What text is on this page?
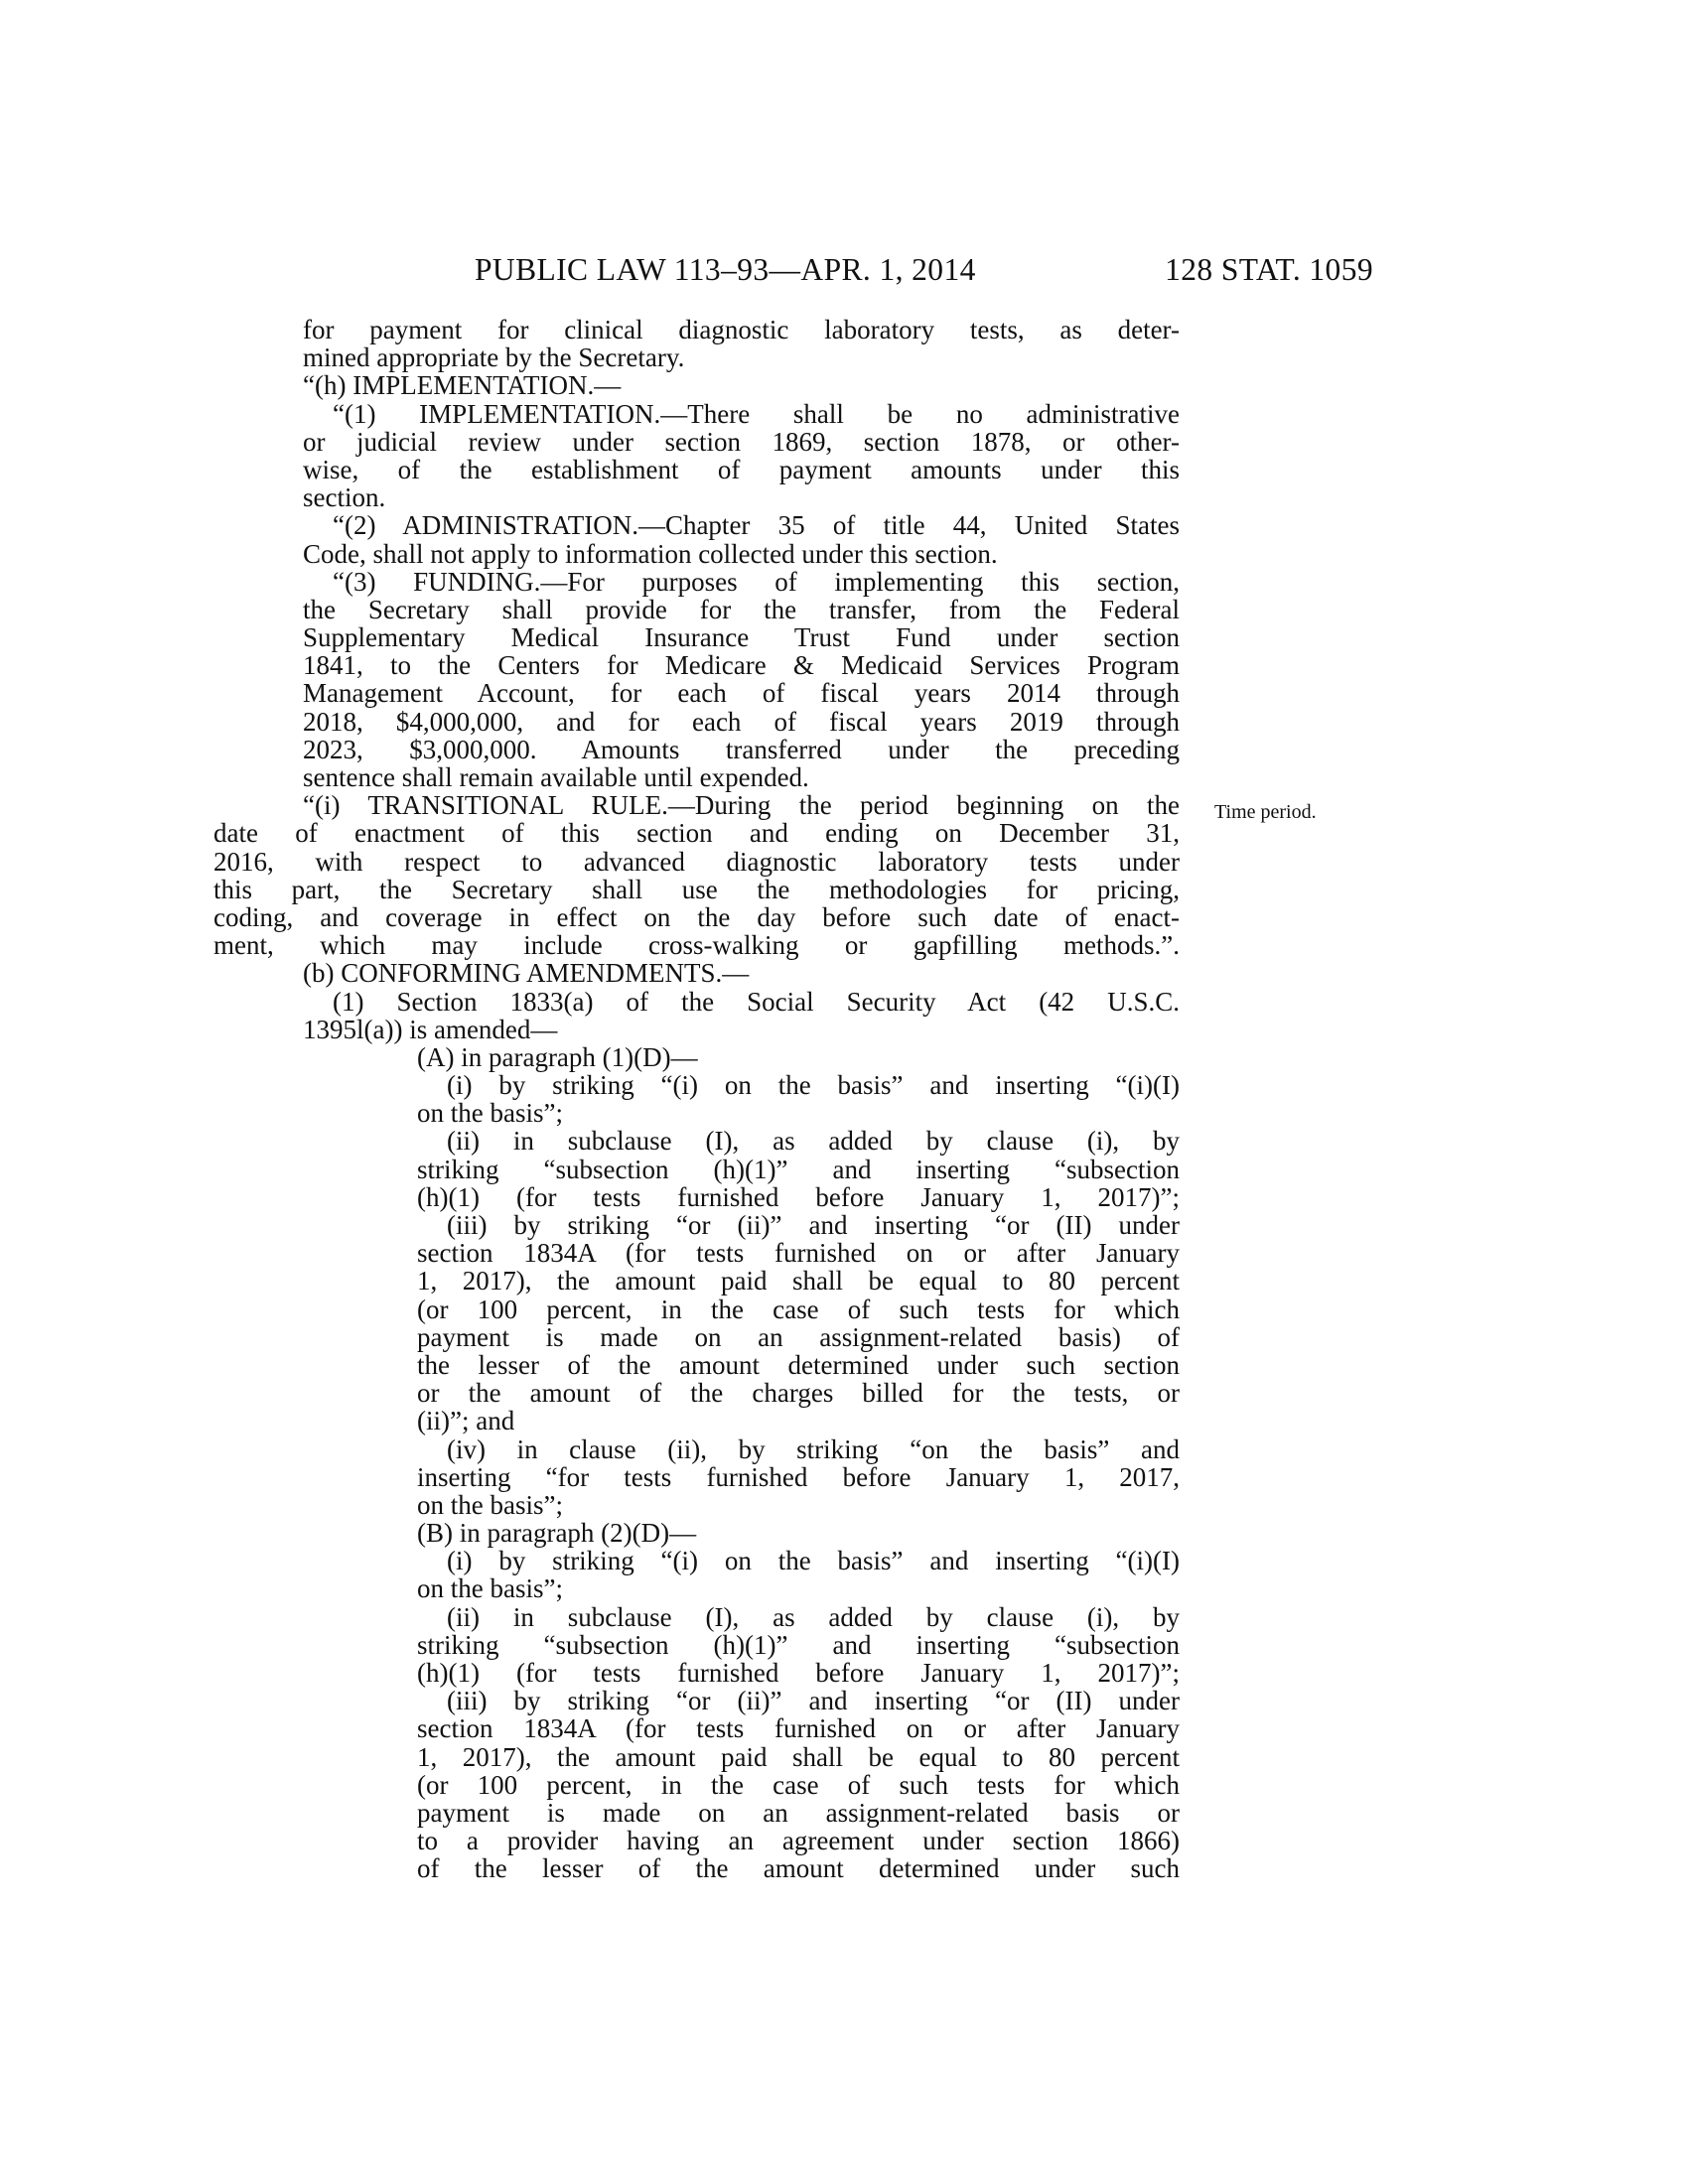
PUBLIC LAW 113–93—APR. 1, 2014	128 STAT. 1059
for payment for clinical diagnostic laboratory tests, as deter-
mined appropriate by the Secretary.
“(h) IMPLEMENTATION.—
“(1) IMPLEMENTATION.—There shall be no administrative
or judicial review under section 1869, section 1878, or other-
wise, of the establishment of payment amounts under this
section.
“(2) ADMINISTRATION.—Chapter 35 of title 44, United States
Code, shall not apply to information collected under this section.
“(3) FUNDING.—For purposes of implementing this section,
the Secretary shall provide for the transfer, from the Federal
Supplementary Medical Insurance Trust Fund under section
1841, to the Centers for Medicare & Medicaid Services Program
Management Account, for each of fiscal years 2014 through
2018, $4,000,000, and for each of fiscal years 2019 through
2023, $3,000,000. Amounts transferred under the preceding
sentence shall remain available until expended.
“(i) TRANSITIONAL RULE.—During the period beginning on the
date of enactment of this section and ending on December 31,
2016, with respect to advanced diagnostic laboratory tests under
this part, the Secretary shall use the methodologies for pricing,
coding, and coverage in effect on the day before such date of enact-
ment, which may include cross-walking or gapfilling methods.”.
(b) CONFORMING AMENDMENTS.—
(1) Section 1833(a) of the Social Security Act (42 U.S.C.
1395l(a)) is amended—
(A) in paragraph (1)(D)—
(i) by striking “(i) on the basis” and inserting “(i)(I)
on the basis”;
(ii) in subclause (I), as added by clause (i), by
striking “subsection (h)(1)” and inserting “subsection
(h)(1) (for tests furnished before January 1, 2017)”;
(iii) by striking “or (ii)” and inserting “or (II) under
section 1834A (for tests furnished on or after January
1, 2017), the amount paid shall be equal to 80 percent
(or 100 percent, in the case of such tests for which
payment is made on an assignment-related basis) of
the lesser of the amount determined under such section
or the amount of the charges billed for the tests, or
(ii)”; and
(iv) in clause (ii), by striking “on the basis” and
inserting “for tests furnished before January 1, 2017,
on the basis”;
(B) in paragraph (2)(D)—
(i) by striking “(i) on the basis” and inserting “(i)(I)
on the basis”;
(ii) in subclause (I), as added by clause (i), by
striking “subsection (h)(1)” and inserting “subsection
(h)(1) (for tests furnished before January 1, 2017)”;
(iii) by striking “or (ii)” and inserting “or (II) under
section 1834A (for tests furnished on or after January
1, 2017), the amount paid shall be equal to 80 percent
(or 100 percent, in the case of such tests for which
payment is made on an assignment-related basis or
to a provider having an agreement under section 1866)
of the lesser of the amount determined under such
Time period.
